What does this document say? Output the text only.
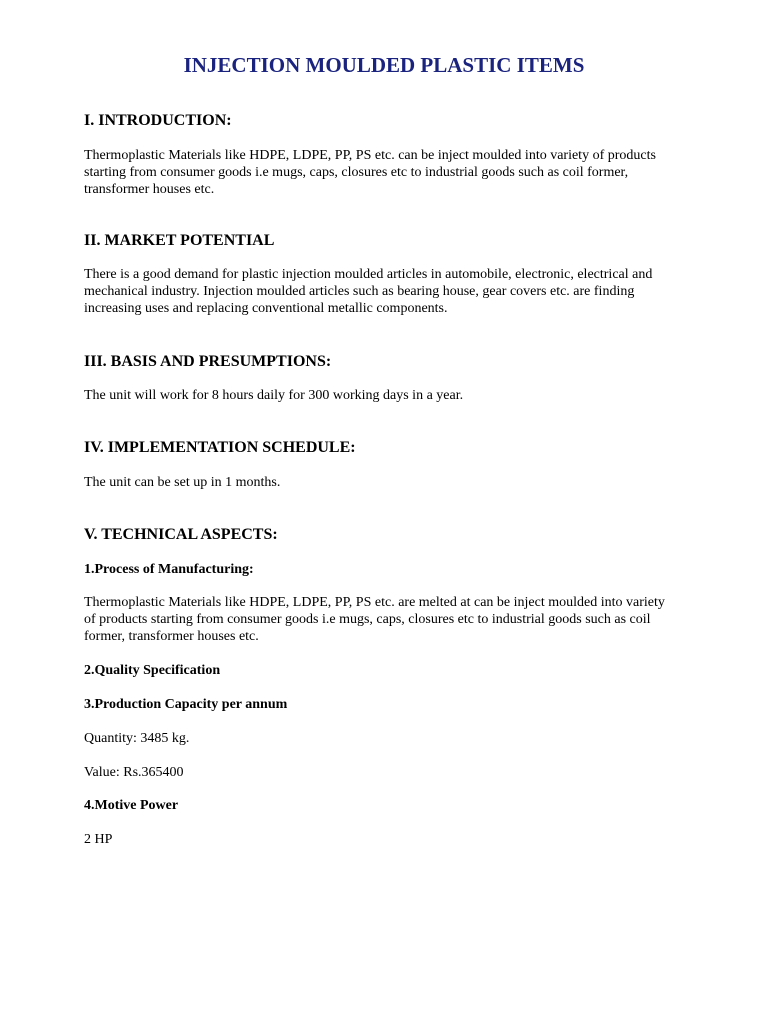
INJECTION MOULDED PLASTIC ITEMS
I. INTRODUCTION:

Thermoplastic Materials like HDPE, LDPE, PP, PS etc. can be inject moulded into variety of products
starting from consumer goods i.e mugs, caps, closures etc to industrial goods such as coil former,
transformer houses etc.

II. MARKET POTENTIAL

There is a good demand for plastic injection moulded articles in automobile, electronic, electrical and
mechanical industry. Injection moulded articles such as bearing house, gear covers etc. are finding
increasing uses and replacing conventional metallic components.

III. BASIS AND PRESUMPTIONS:

The unit will work for 8 hours daily for 300 working days in a year.

IV. IMPLEMENTATION SCHEDULE:

The unit can be set up in 1 months.

V. TECHNICAL ASPECTS:
1.Process of Manufacturing:

Thermoplastic Materials like HDPE, LDPE, PP, PS etc. are melted at can be inject moulded into variety
of products starting from consumer goods i.e mugs, caps, closures etc to industrial goods such as coil
former, transformer houses etc.

2.Quality Specification
3.Production Capacity per annum

Quantity: 3485 kg.

Value: Rs.365400

4.Motive Power

2 HP
